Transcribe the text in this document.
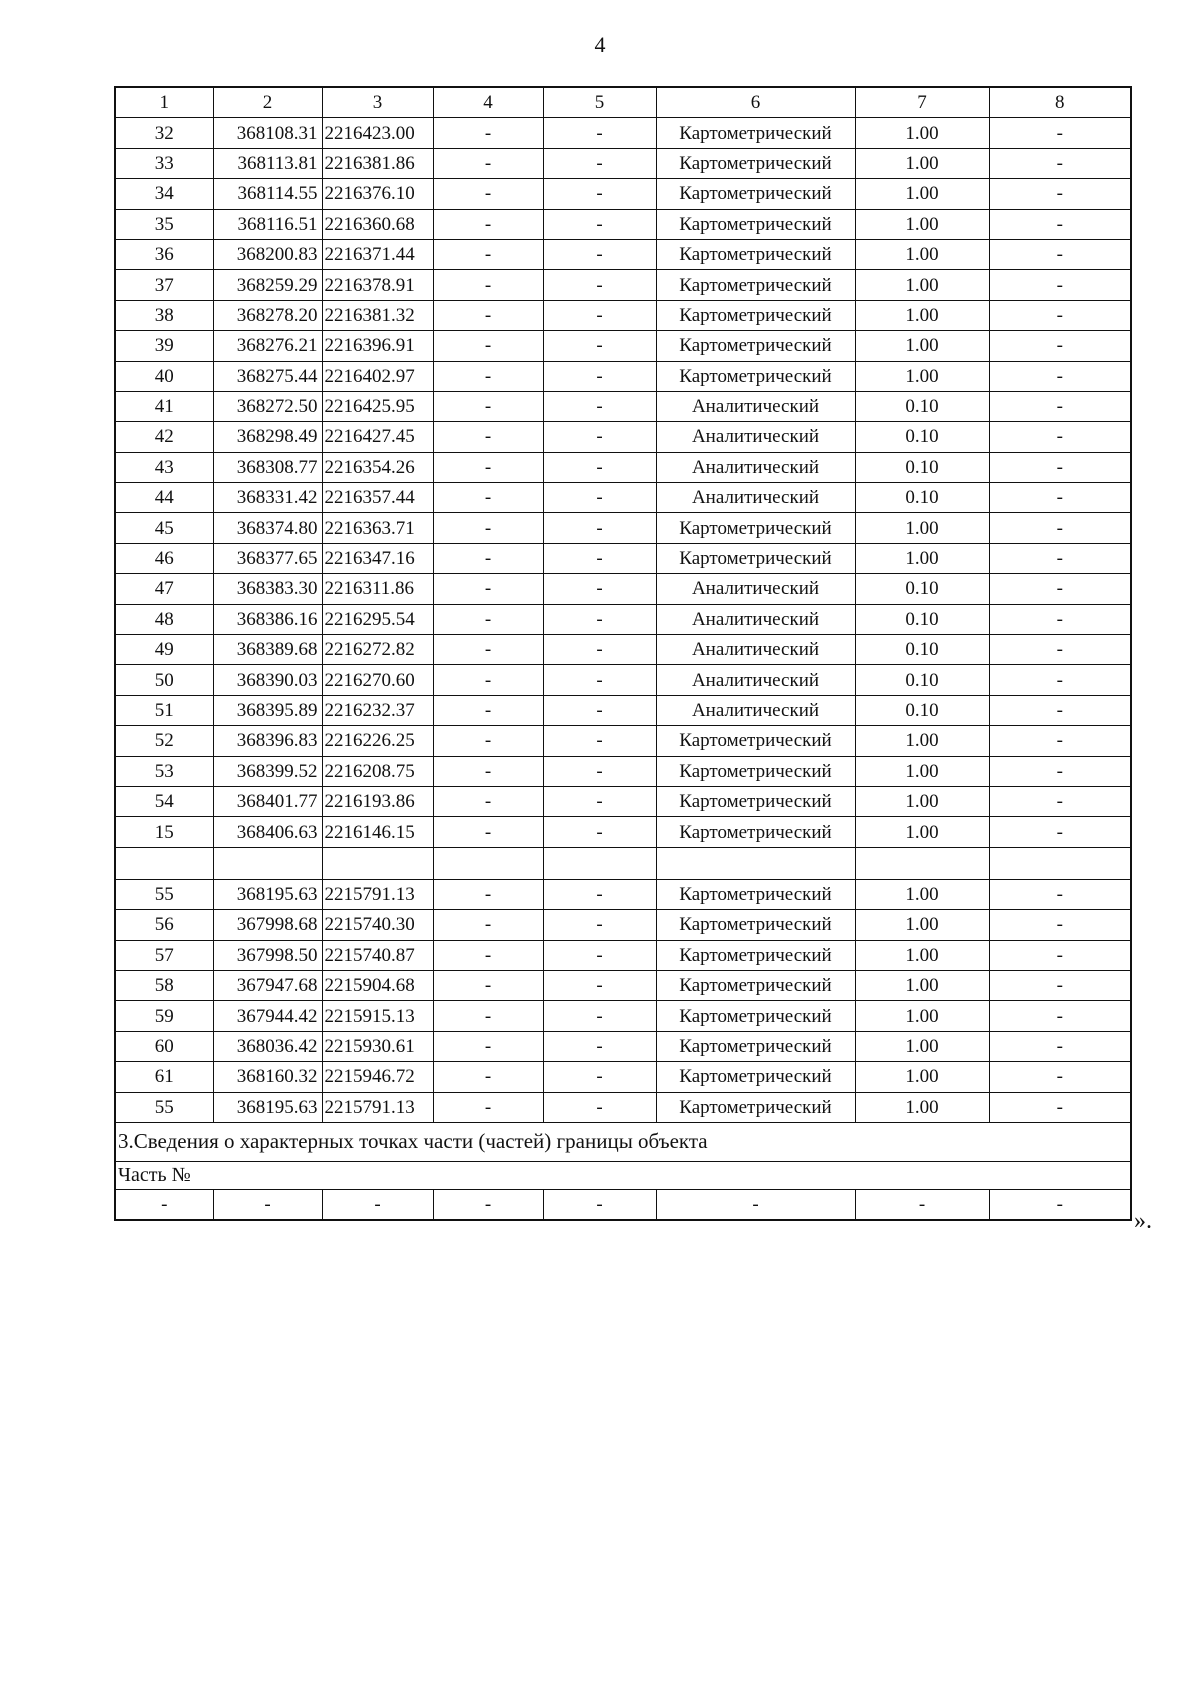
4
1	2	3	4	5	6	7	8
32	368108.31	2216423.00	-	-	Картометрический	1.00	-
33	368113.81	2216381.86	-	-	Картометрический	1.00	-
34	368114.55	2216376.10	-	-	Картометрический	1.00	-
35	368116.51	2216360.68	-	-	Картометрический	1.00	-
36	368200.83	2216371.44	-	-	Картометрический	1.00	-
37	368259.29	2216378.91	-	-	Картометрический	1.00	-
38	368278.20	2216381.32	-	-	Картометрический	1.00	-
39	368276.21	2216396.91	-	-	Картометрический	1.00	-
40	368275.44	2216402.97	-	-	Картометрический	1.00	-
41	368272.50	2216425.95	-	-	Аналитический	0.10	-
42	368298.49	2216427.45	-	-	Аналитический	0.10	-
43	368308.77	2216354.26	-	-	Аналитический	0.10	-
44	368331.42	2216357.44	-	-	Аналитический	0.10	-
45	368374.80	2216363.71	-	-	Картометрический	1.00	-
46	368377.65	2216347.16	-	-	Картометрический	1.00	-
47	368383.30	2216311.86	-	-	Аналитический	0.10	-
48	368386.16	2216295.54	-	-	Аналитический	0.10	-
49	368389.68	2216272.82	-	-	Аналитический	0.10	-
50	368390.03	2216270.60	-	-	Аналитический	0.10	-
51	368395.89	2216232.37	-	-	Аналитический	0.10	-
52	368396.83	2216226.25	-	-	Картометрический	1.00	-
53	368399.52	2216208.75	-	-	Картометрический	1.00	-
54	368401.77	2216193.86	-	-	Картометрический	1.00	-
15	368406.63	2216146.15	-	-	Картометрический	1.00	-

55	368195.63	2215791.13	-	-	Картометрический	1.00	-
56	367998.68	2215740.30	-	-	Картометрический	1.00	-
57	367998.50	2215740.87	-	-	Картометрический	1.00	-
58	367947.68	2215904.68	-	-	Картометрический	1.00	-
59	367944.42	2215915.13	-	-	Картометрический	1.00	-
60	368036.42	2215930.61	-	-	Картометрический	1.00	-
61	368160.32	2215946.72	-	-	Картометрический	1.00	-
55	368195.63	2215791.13	-	-	Картометрический	1.00	-
3.Сведения о характерных точках части (частей) границы объекта							
Часть №							
-	-	-	-	-	-	-	-
».
